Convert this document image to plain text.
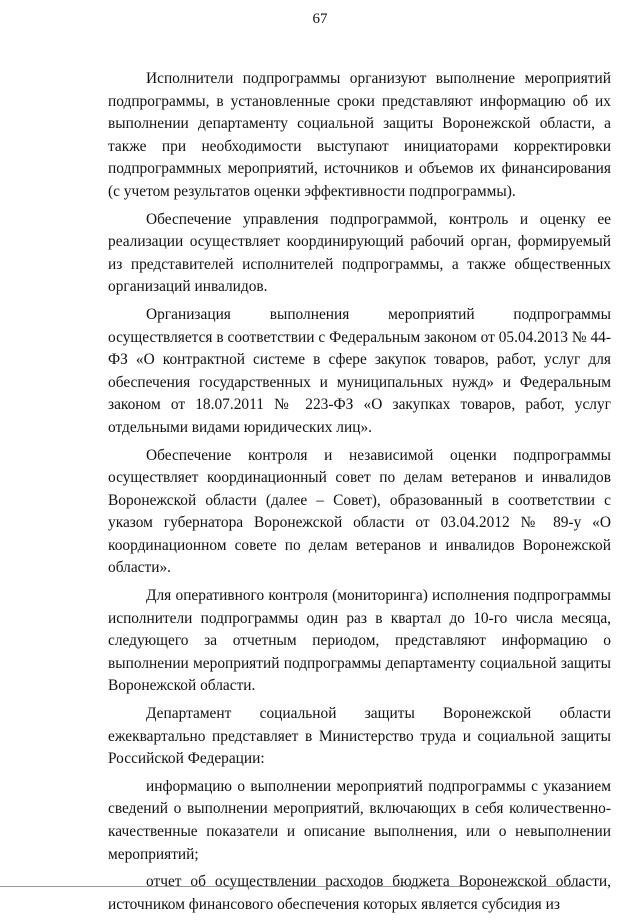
67

Исполнители подпрограммы организуют выполнение мероприятий подпрограммы, в установленные сроки представляют информацию об их выполнении департаменту социальной защиты Воронежской области, а также при необходимости выступают инициаторами корректировки подпрограммных мероприятий, источников и объемов их финансирования (с учетом результатов оценки эффективности подпрограммы).

Обеспечение управления подпрограммой, контроль и оценку ее реализации осуществляет координирующий рабочий орган, формируемый из представителей исполнителей подпрограммы, а также общественных организаций инвалидов.

Организация выполнения мероприятий подпрограммы осуществляется в соответствии с Федеральным законом от 05.04.2013 № 44-ФЗ «О контрактной системе в сфере закупок товаров, работ, услуг для обеспечения государственных и муниципальных нужд» и Федеральным законом от 18.07.2011 № 223-ФЗ «О закупках товаров, работ, услуг отдельными видами юридических лиц».

Обеспечение контроля и независимой оценки подпрограммы осуществляет координационный совет по делам ветеранов и инвалидов Воронежской области (далее – Совет), образованный в соответствии с указом губернатора Воронежской области от 03.04.2012 № 89-у «О координационном совете по делам ветеранов и инвалидов Воронежской области».

Для оперативного контроля (мониторинга) исполнения подпрограммы исполнители подпрограммы один раз в квартал до 10-го числа месяца, следующего за отчетным периодом, представляют информацию о выполнении мероприятий подпрограммы департаменту социальной защиты Воронежской области.

Департамент социальной защиты Воронежской области ежеквартально представляет в Министерство труда и социальной защиты Российской Федерации:

информацию о выполнении мероприятий подпрограммы с указанием сведений о выполнении мероприятий, включающих в себя количественно-качественные показатели и описание выполнения, или о невыполнении мероприятий;

отчет об осуществлении расходов бюджета Воронежской области, источником финансового обеспечения которых является субсидия из
